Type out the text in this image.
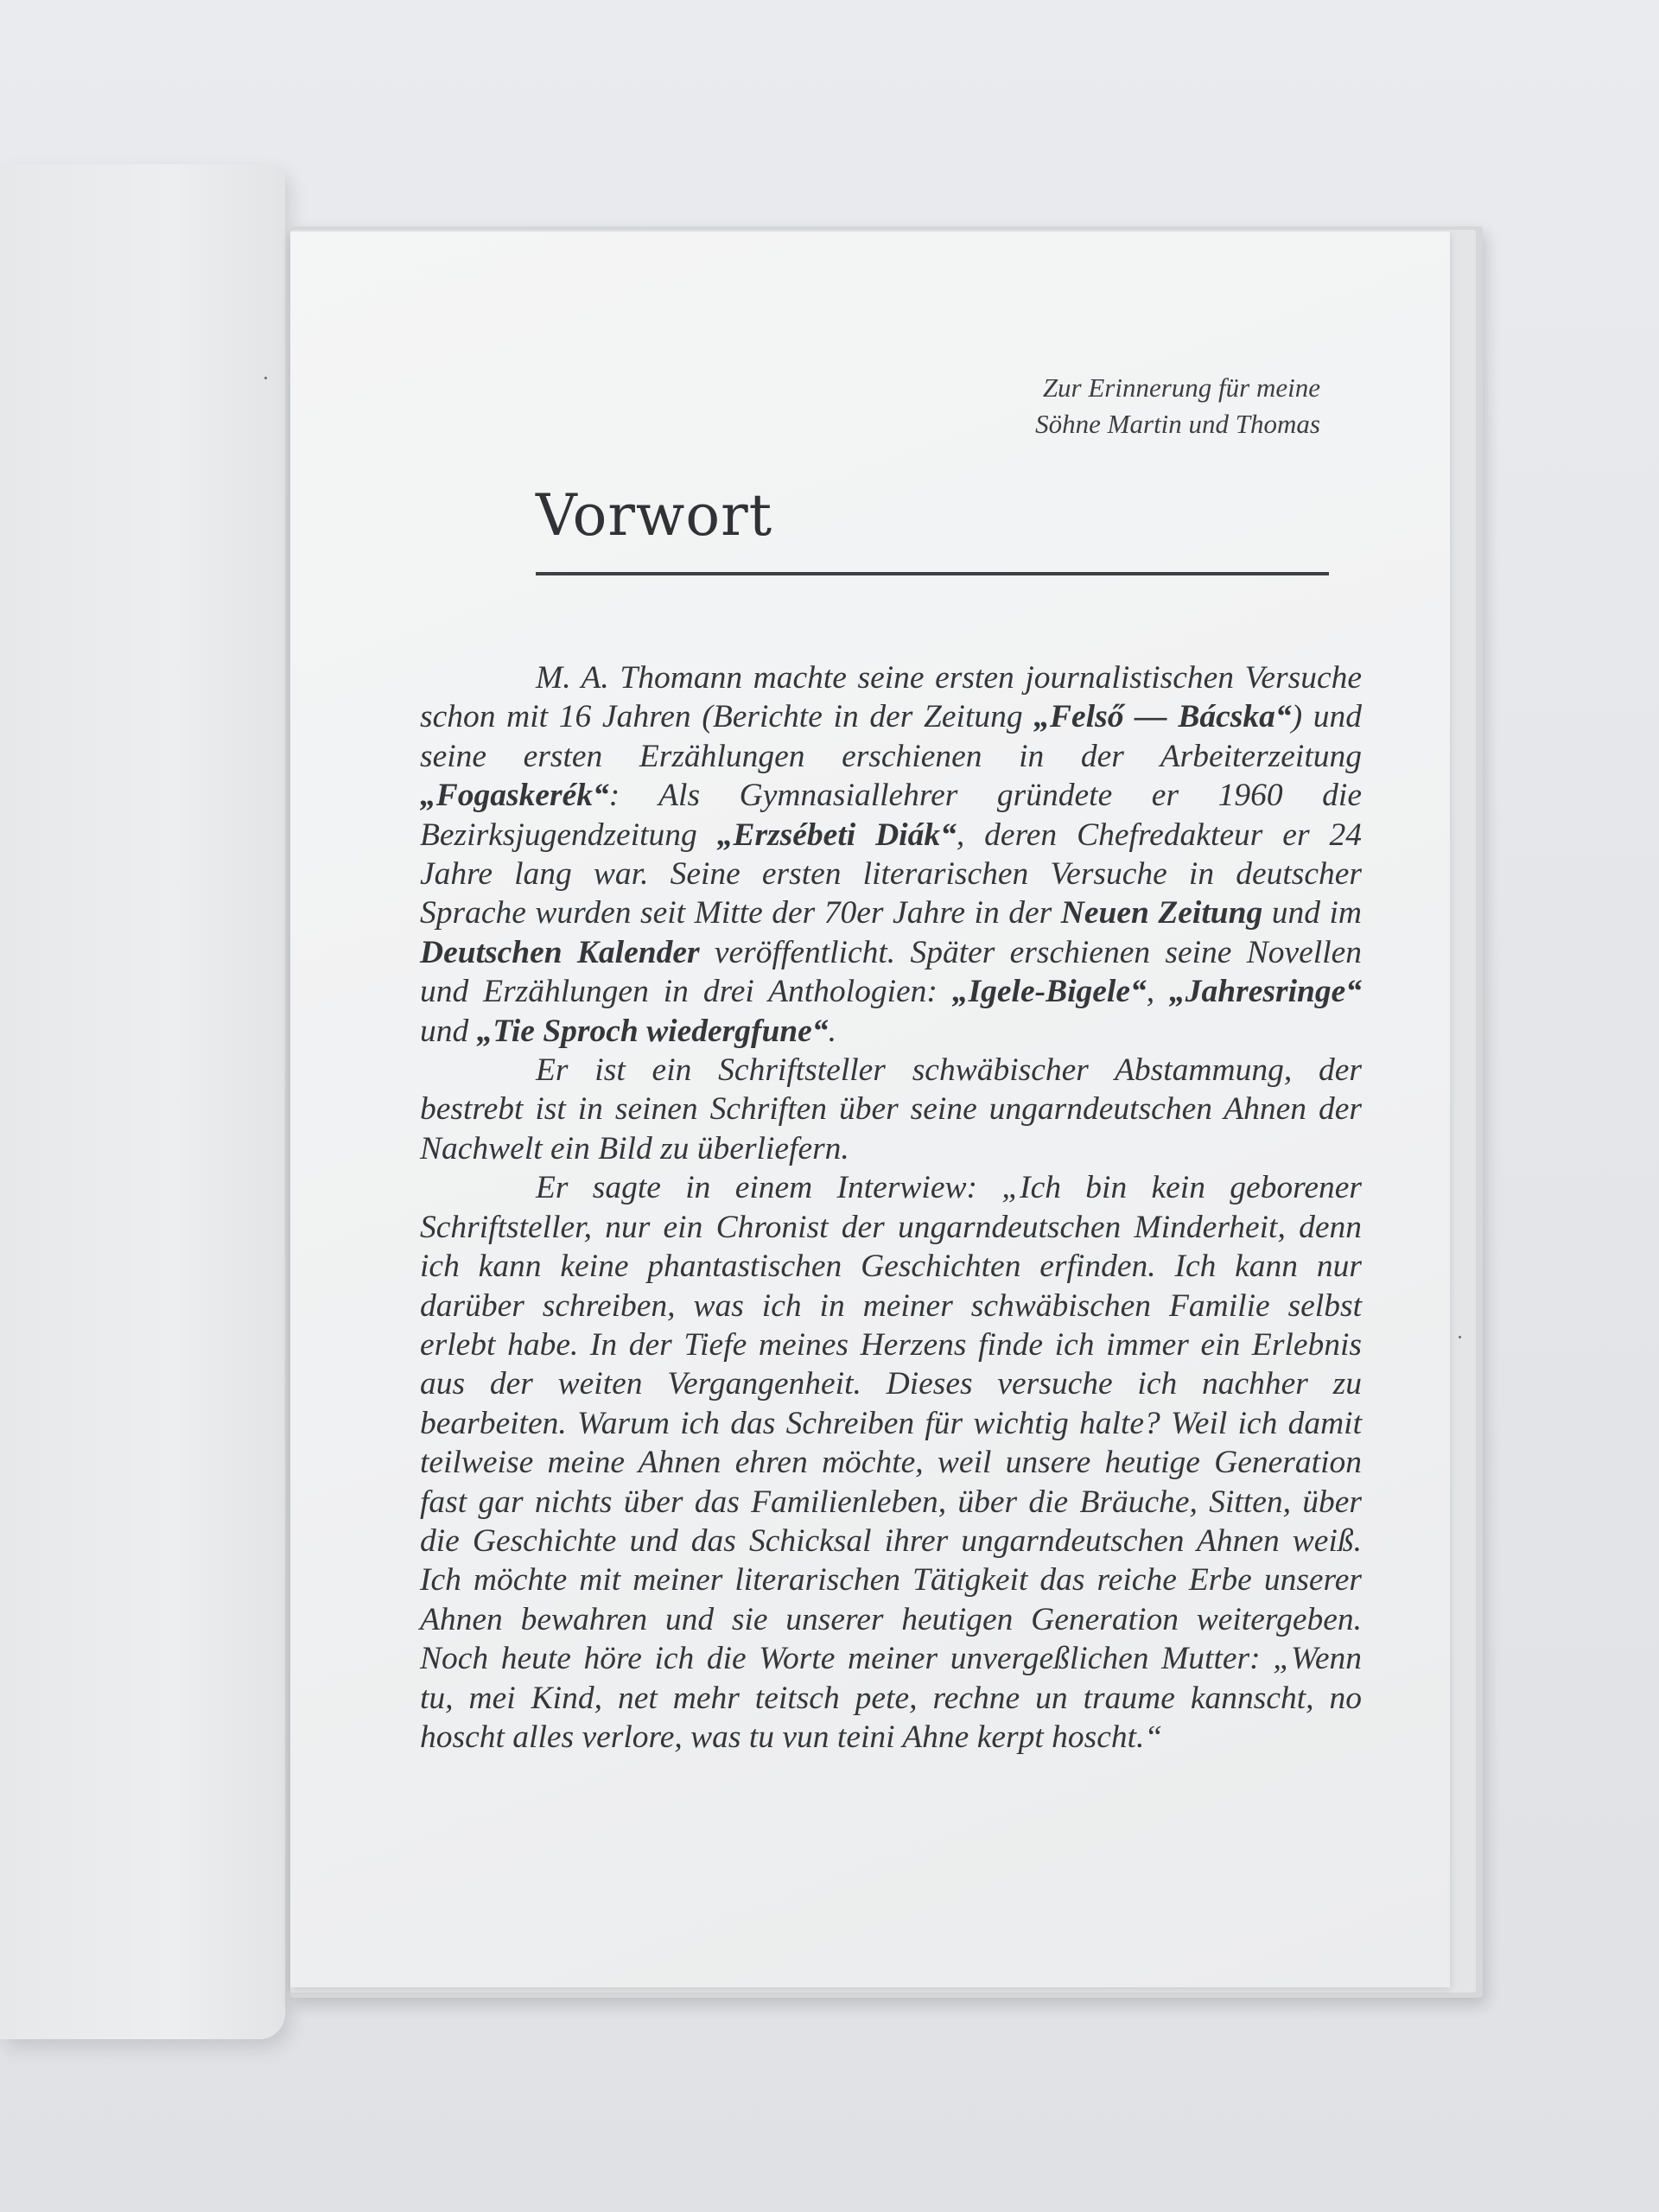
Zur Erinnerung für meine
Söhne Martin und Thomas
Vorwort

M. A. Thomann machte seine ersten journalistischen Versuche schon mit 16 Jahren (Berichte in der Zeitung „Felső — Bácska“) und seine ersten Erzählungen erschienen in der Arbeiterzeitung „Fogaskerék“: Als Gymnasiallehrer gründete er 1960 die Bezirksjugendzeitung „Erzsébeti Diák“, deren Chefredakteur er 24 Jahre lang war. Seine ersten literarischen Versuche in deutscher Sprache wurden seit Mitte der 70er Jahre in der Neuen Zeitung und im Deutschen Kalender veröffentlicht. Später erschienen seine Novellen und Erzählungen in drei Anthologien: „Igele-Bigele“, „Jahresringe“ und „Tie Sproch wiedergfune“.

Er ist ein Schriftsteller schwäbischer Abstammung, der bestrebt ist in seinen Schriften über seine ungarndeutschen Ahnen der Nachwelt ein Bild zu überliefern.

Er sagte in einem Interwiew: „Ich bin kein geborener Schriftsteller, nur ein Chronist der ungarndeutschen Minderheit, denn ich kann keine phantastischen Geschichten erfinden. Ich kann nur darüber schreiben, was ich in meiner schwäbischen Familie selbst erlebt habe. In der Tiefe meines Herzens finde ich immer ein Erlebnis aus der weiten Vergangenheit. Dieses versuche ich nachher zu bearbeiten. Warum ich das Schreiben für wichtig halte? Weil ich damit teilweise meine Ahnen ehren möchte, weil unsere heutige Generation fast gar nichts über das Familienleben, über die Bräuche, Sitten, über die Geschichte und das Schicksal ihrer ungarndeutschen Ahnen weiß. Ich möchte mit meiner literarischen Tätigkeit das reiche Erbe unserer Ahnen bewahren und sie unserer heutigen Generation weitergeben. Noch heute höre ich die Worte meiner unvergeßlichen Mutter: „Wenn tu, mei Kind, net mehr teitsch pete, rechne un traume kannscht, no hoscht alles verlore, was tu vun teini Ahne kerpt hoscht.“
